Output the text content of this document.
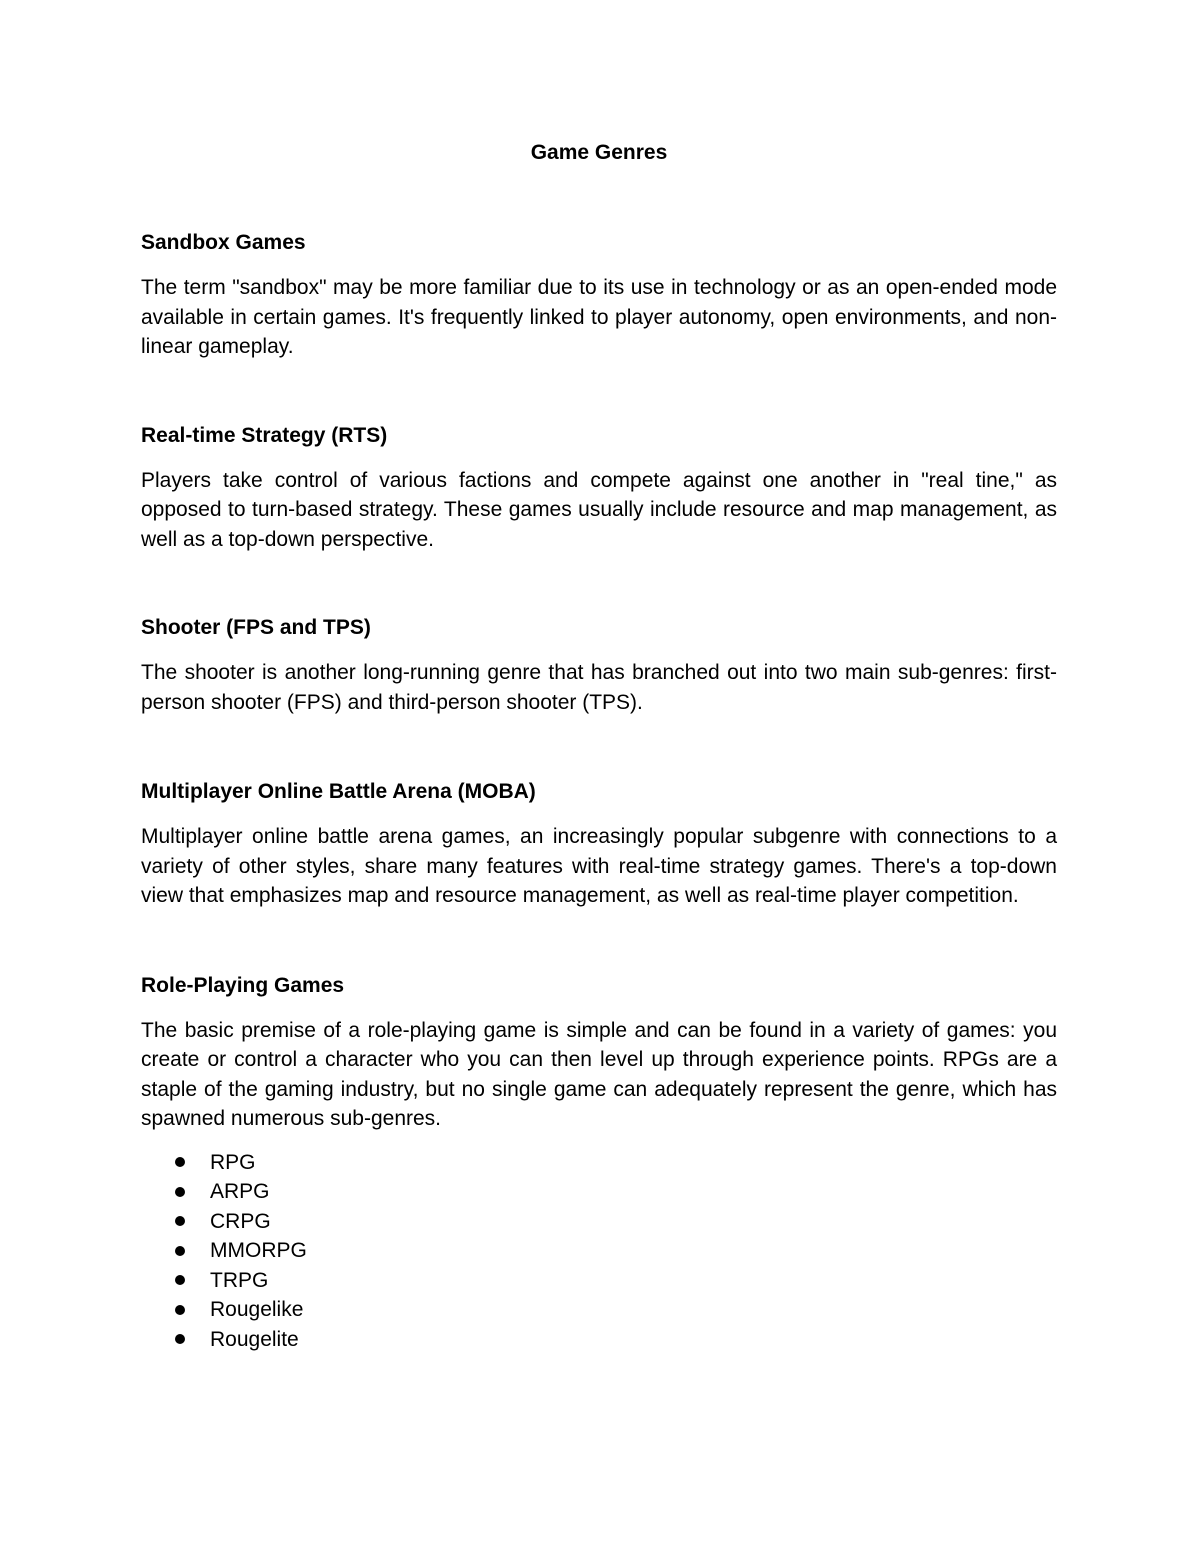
Game Genres
Sandbox Games

The term "sandbox" may be more familiar due to its use in technology or as an open-ended mode available in certain games. It's frequently linked to player autonomy, open environments, and non-linear gameplay.

Real-time Strategy (RTS)

Players take control of various factions and compete against one another in "real tine," as opposed to turn-based strategy. These games usually include resource and map management, as well as a top-down perspective.

Shooter (FPS and TPS)

The shooter is another long-running genre that has branched out into two main sub-genres: first-person shooter (FPS) and third-person shooter (TPS).

Multiplayer Online Battle Arena (MOBA)

Multiplayer online battle arena games, an increasingly popular subgenre with connections to a variety of other styles, share many features with real-time strategy games. There's a top-down view that emphasizes map and resource management, as well as real-time player competition.

Role-Playing Games

The basic premise of a role-playing game is simple and can be found in a variety of games: you create or control a character who you can then level up through experience points. RPGs are a staple of the gaming industry, but no single game can adequately represent the genre, which has spawned numerous sub-genres.

RPG
ARPG
CRPG
MMORPG
TRPG
Rougelike
Rougelite
